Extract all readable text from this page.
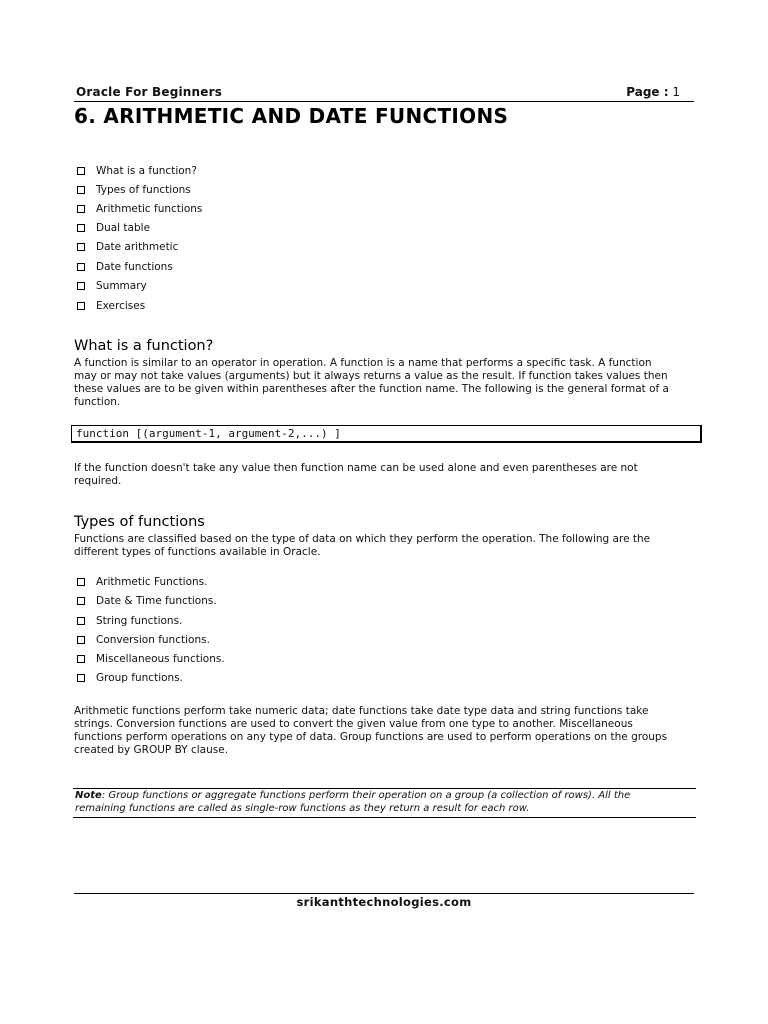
Oracle For Beginners	Page : 1
6. ARITHMETIC AND DATE FUNCTIONS
What is a function?
Types of functions
Arithmetic functions
Dual table
Date arithmetic
Date functions
Summary
Exercises
What is a function?
A function is similar to an operator in operation. A function is a name that performs a specific task. A function
may or may not take values (arguments) but it always returns a value as the result. If function takes values then
these values are to be given within parentheses after the function name. The following is the general format of a
function.
function [(argument-1, argument-2,...) ]
If the function doesn't take any value then function name can be used alone and even parentheses are not
required.
Types of functions
Functions are classified based on the type of data on which they perform the operation. The following are the
different types of functions available in Oracle.
Arithmetic Functions.
Date & Time functions.
String functions.
Conversion functions.
Miscellaneous functions.
Group functions.
Arithmetic functions perform take numeric data; date functions take date type data and string functions take
strings. Conversion functions are used to convert the given value from one type to another. Miscellaneous
functions perform operations on any type of data. Group functions are used to perform operations on the groups
created by GROUP BY clause.
Note: Group functions or aggregate functions perform their operation on a group (a collection of rows). All the
remaining functions are called as single-row functions as they return a result for each row.
srikanthtechnologies.com
